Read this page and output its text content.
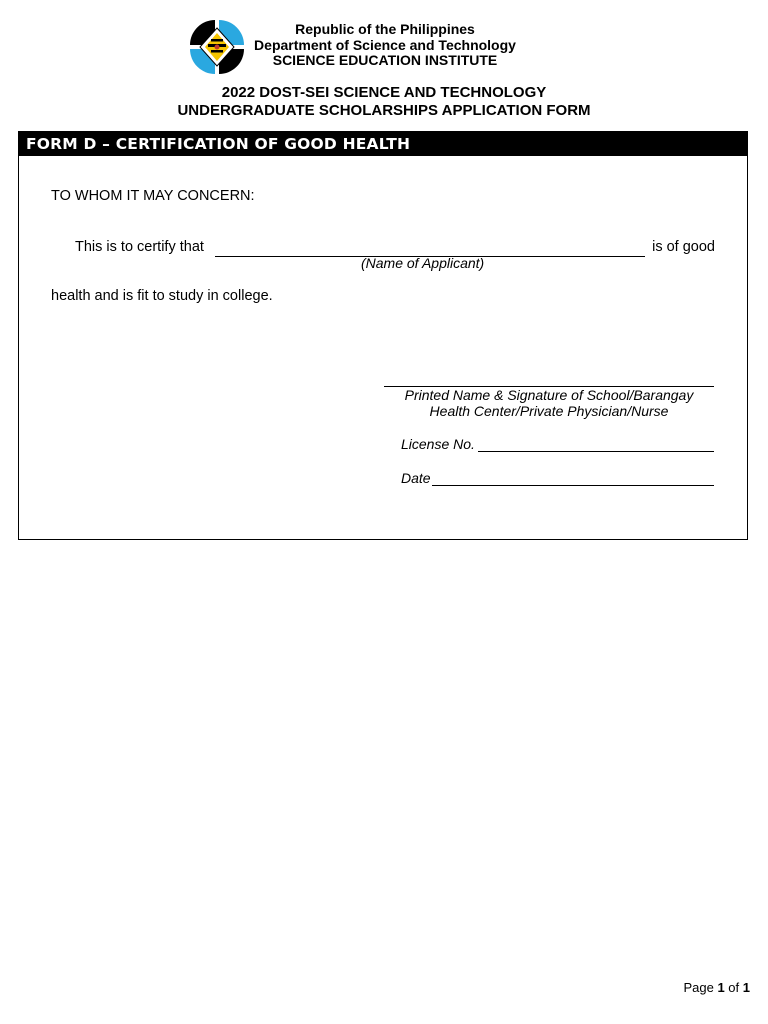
Republic of the Philippines
Department of Science and Technology
SCIENCE EDUCATION INSTITUTE
2022 DOST-SEI SCIENCE AND TECHNOLOGY
UNDERGRADUATE SCHOLARSHIPS APPLICATION FORM
FORM D – CERTIFICATION OF GOOD HEALTH
TO WHOM IT MAY CONCERN:
This is to certify that	is of good
(Name of Applicant)
health and is fit to study in college.
Printed Name & Signature of School/Barangay
Health Center/Private Physician/Nurse
License No.
Date
Page 1 of 1
